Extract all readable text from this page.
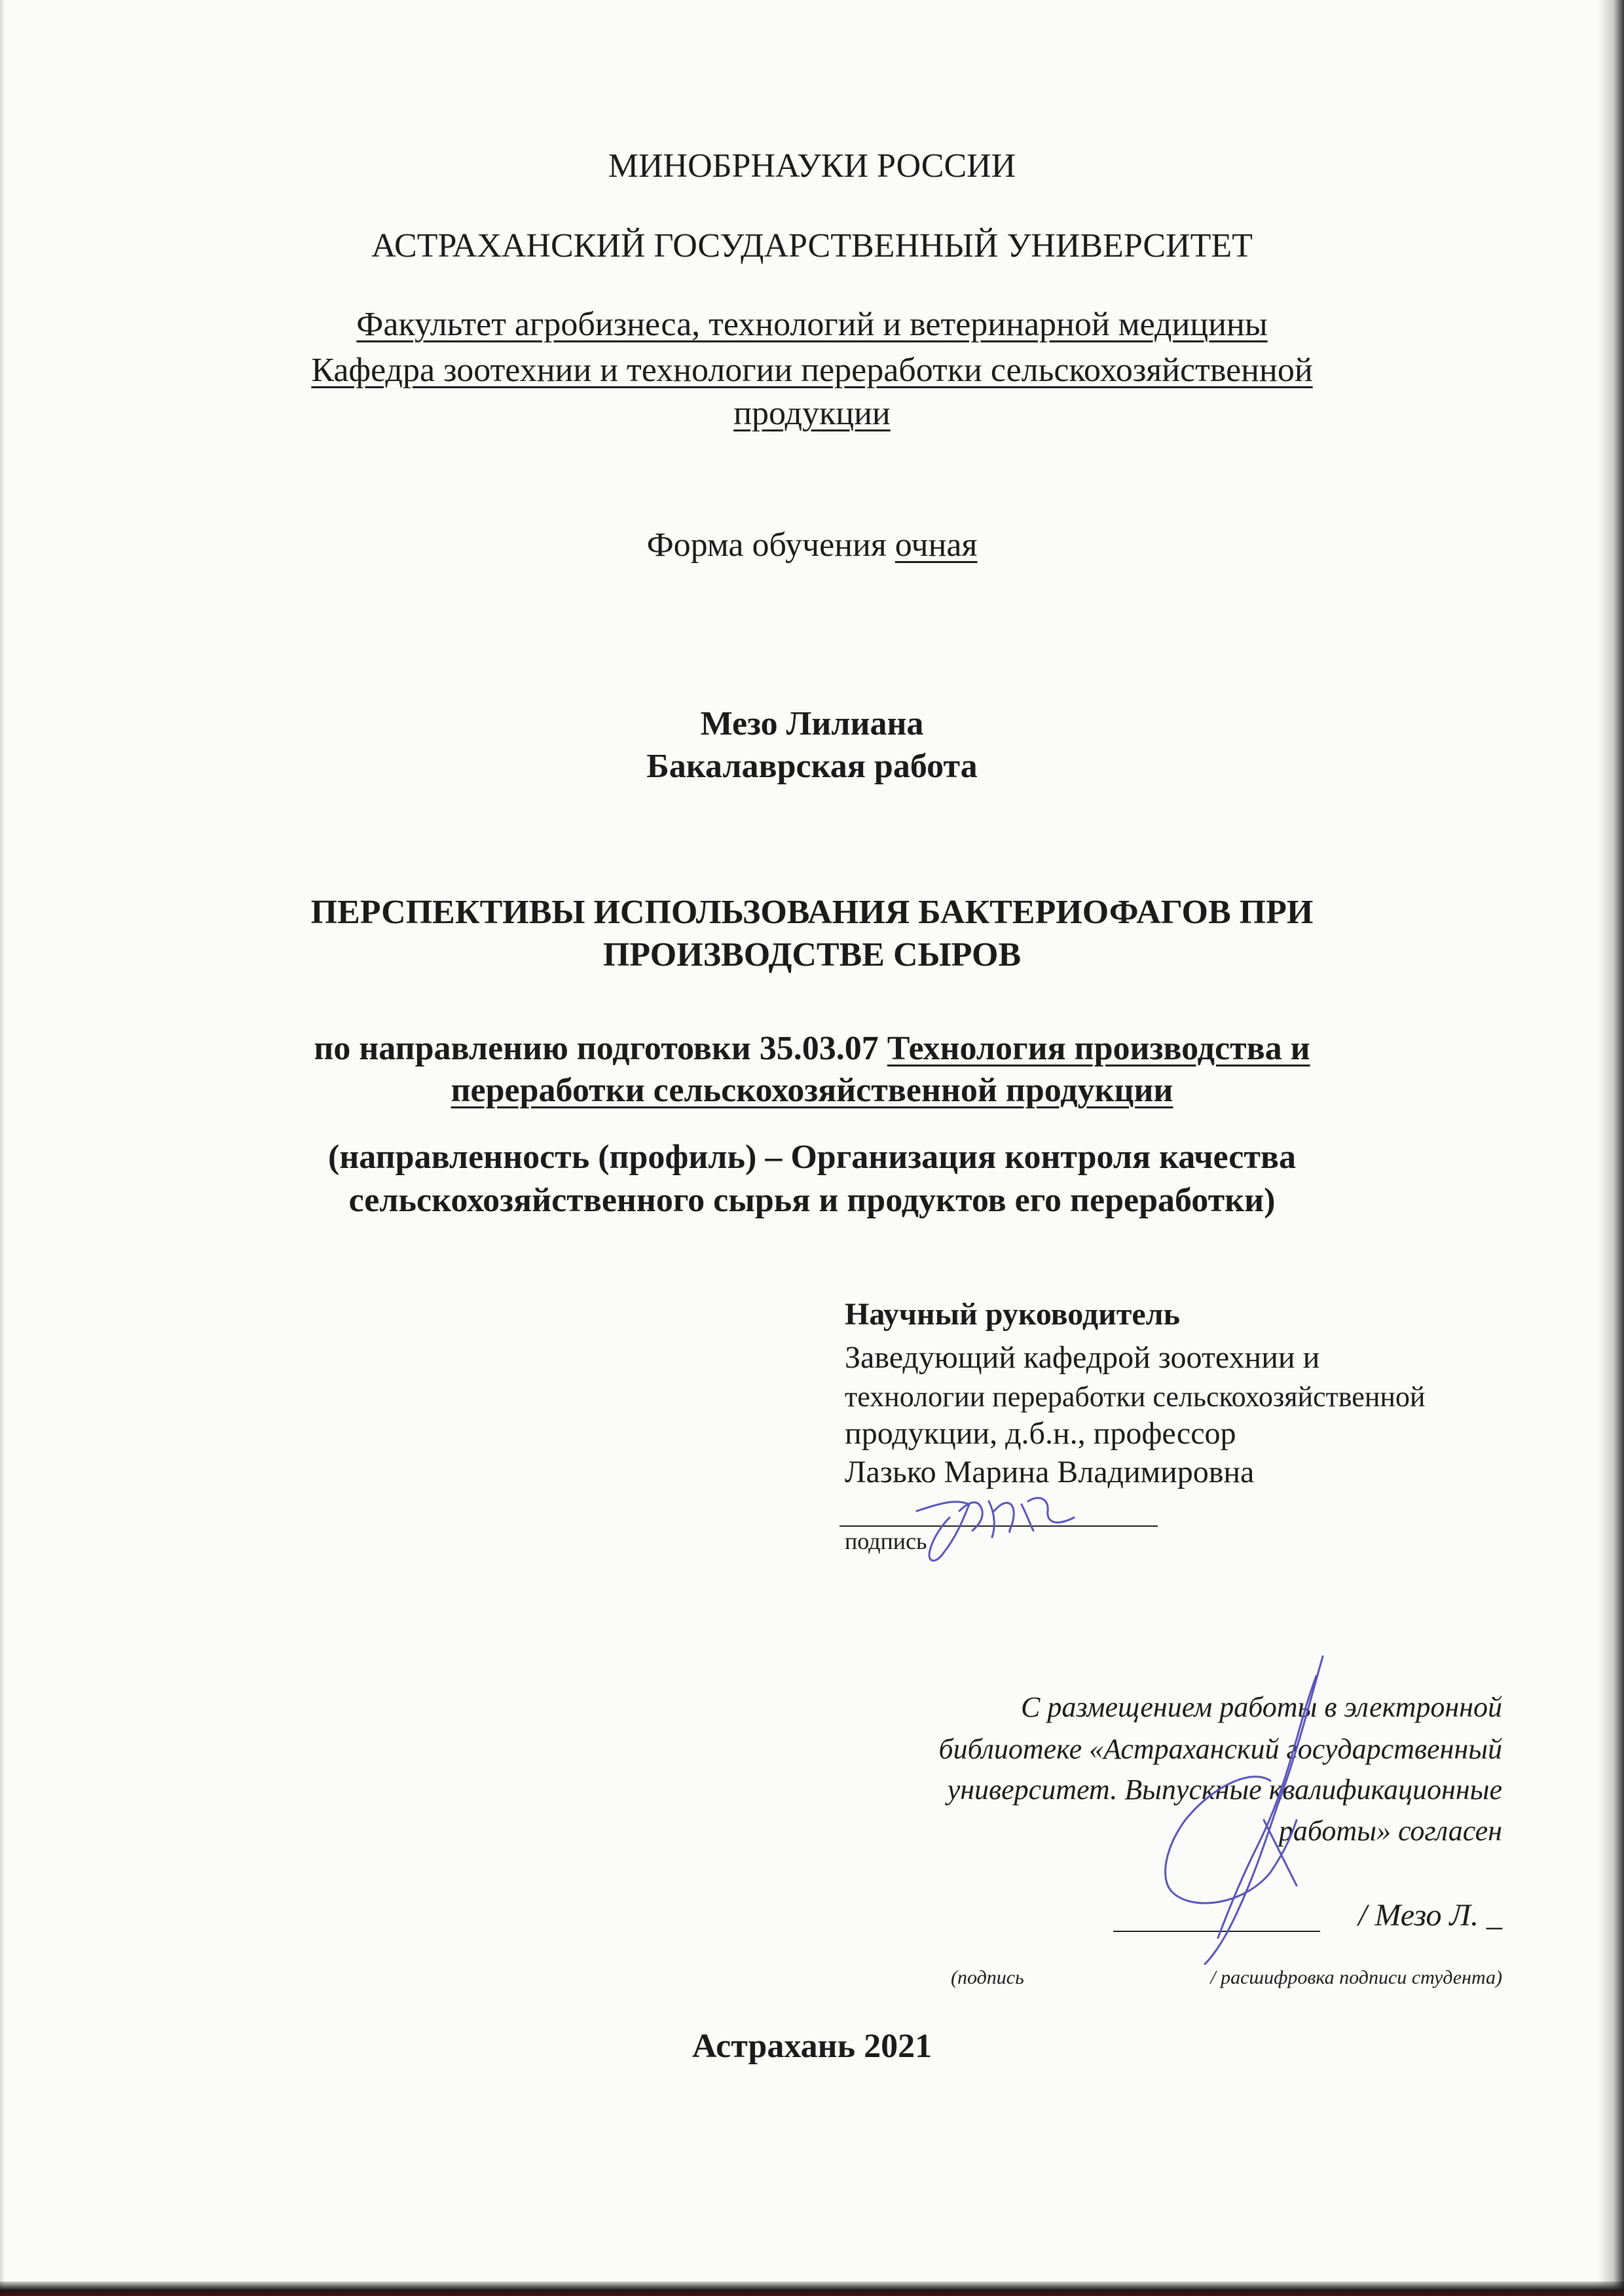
МИНОБРНАУКИ РОССИИ
АСТРАХАНСКИЙ ГОСУДАРСТВЕННЫЙ УНИВЕРСИТЕТ
Факультет агробизнеса, технологий и ветеринарной медицины
Кафедра зоотехнии и технологии переработки сельскохозяйственной
продукции
Форма обучения очная
Мезо Лилиана
Бакалаврская работа
ПЕРСПЕКТИВЫ ИСПОЛЬЗОВАНИЯ БАКТЕРИОФАГОВ ПРИ
ПРОИЗВОДСТВЕ СЫРОВ
по направлению подготовки 35.03.07 Технология производства и
переработки сельскохозяйственной продукции
(направленность (профиль) – Организация контроля качества
сельскохозяйственного сырья и продуктов его переработки)
Научный руководитель
Заведующий кафедрой зоотехнии и
технологии переработки сельскохозяйственной
продукции, д.б.н., профессор
Лазько Марина Владимировна
подпись
С размещением работы в электронной
библиотеке «Астраханский государственный
университет. Выпускные квалификационные
работы» согласен
/ Мезо Л. _
(подпись	/ расшифровка подписи студента)
Астрахань 2021
